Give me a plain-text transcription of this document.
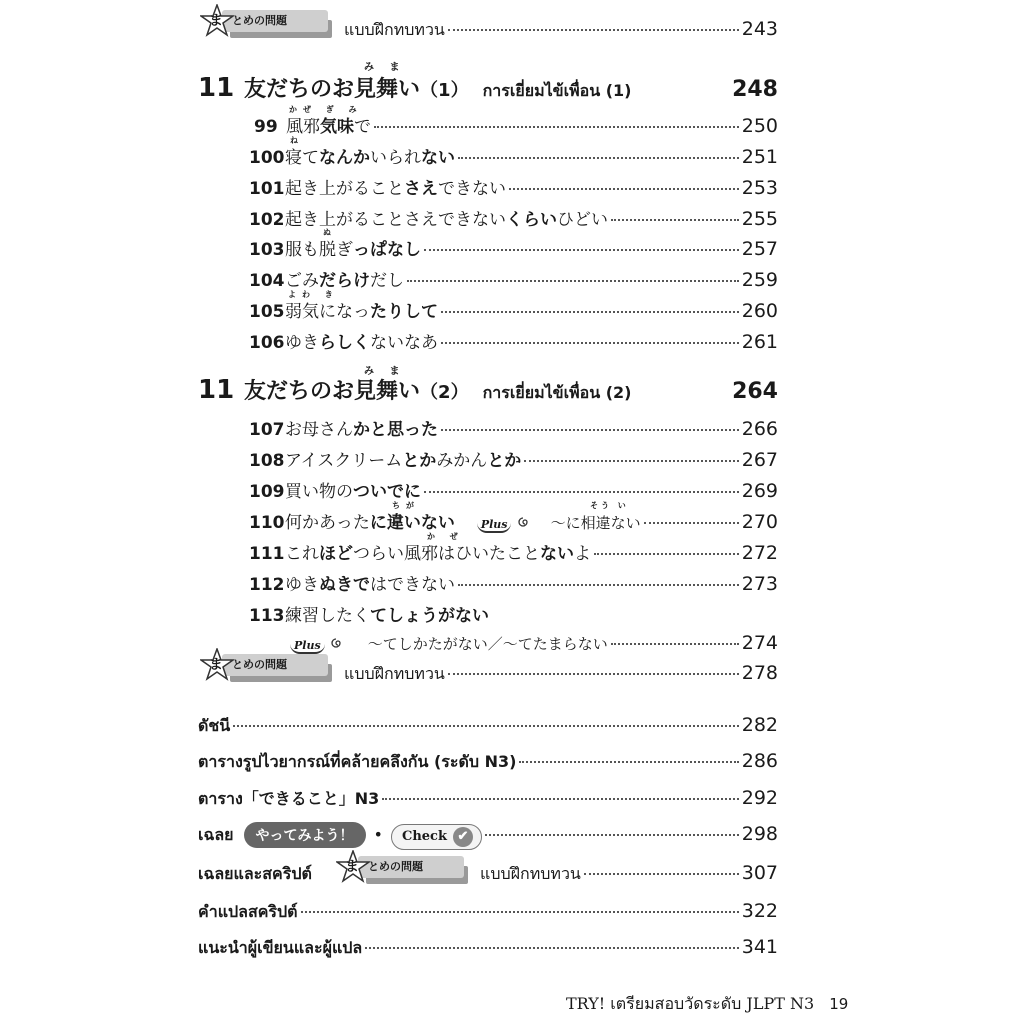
とめの問題
ま	แบบฝึกทบทวน	243
み ま
11 友だちのお 見舞 い （1） การเยี่ยมไข้เพื่อน (1)	248
かぜ ぎ み
99 風邪気味で	250
ね
100 寝てなんかいられない	251
101 起き上がることさえできない	253
102 起き上がることさえできないくらいひどい	255
ぬ
103 服も脱ぎっぱなし	257
104 ごみだらけだし	259
よわ き
105 弱気になったりして	260
106 ゆきらしくないなあ	261
み ま
11 友だちのお 見舞 い （2） การเยี่ยมไข้เพื่อน (2)	264
107 お母さんかと思った	266
108 アイスクリームとかみかんとか	267
109 買い物のついでに	269
ちが	そう い
110 何かあったに違いない	Plus	〜に相違ない	270
か ぜ
111 これほどつらい風邪はひいたことないよ	272
112 ゆきぬきではできない	273
113 練習したくてしょうがない
Plus	〜てしかたがない／〜てたまらない	274
とめの問題
ま	แบบฝึกทบทวน	278
ดัชนี	282
ตารางรูปไวยากรณ์ที่คล้ายคลึงกัน (ระดับ N3)	286
ตาราง「できること」N3	292
เฉลย	やってみよう！	• Check ✔	298
とめの問題
ま
เฉลยและสคริปต์	แบบฝึกทบทวน	307
คำแปลสคริปต์	322
แนะนำผู้เขียนและผู้แปล	341
TRY! เตรียมสอบวัดระดับ JLPT N3 19
